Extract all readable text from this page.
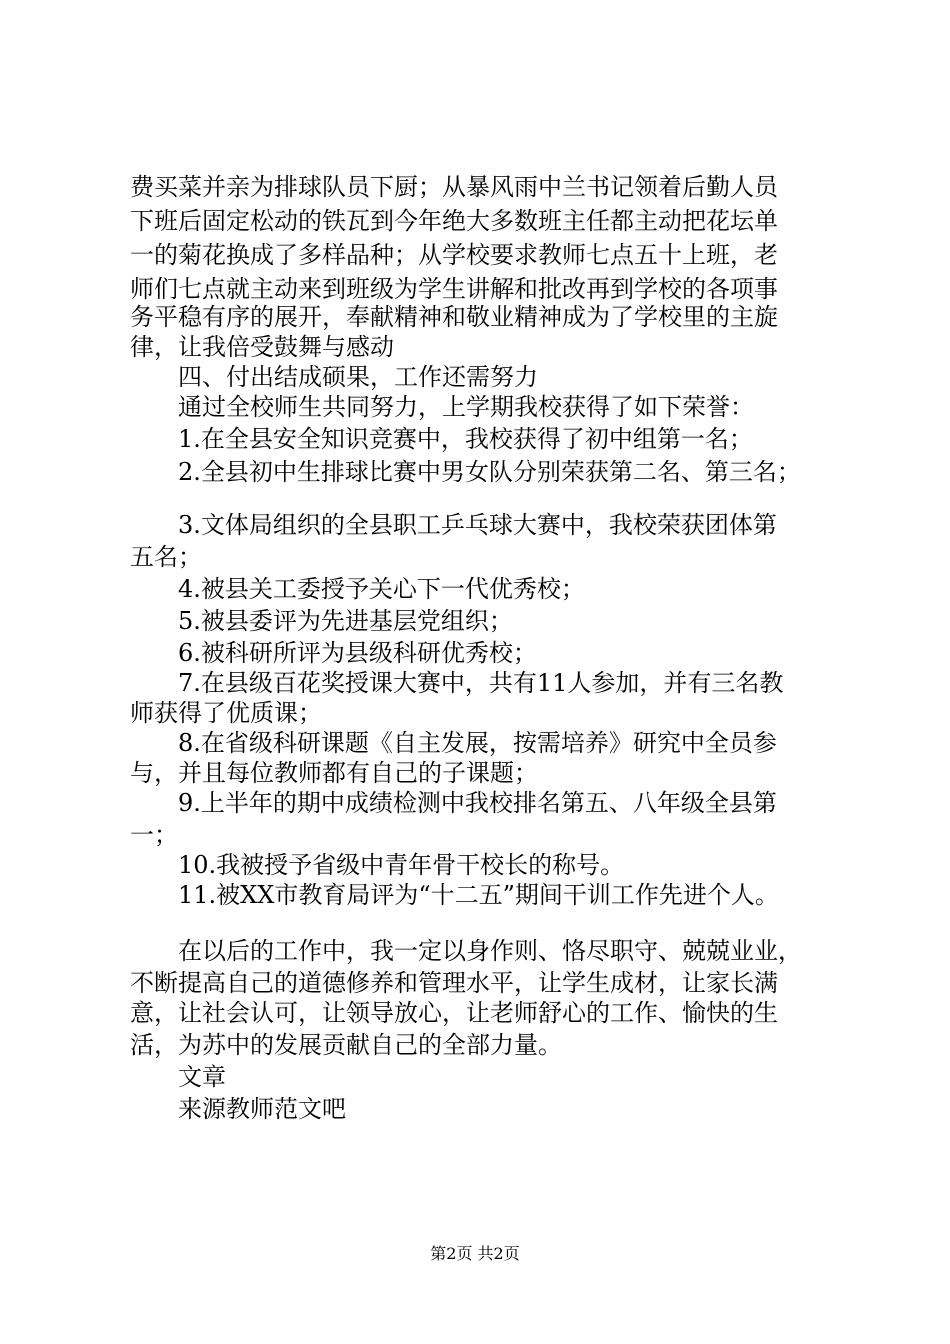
费买菜并亲为排球队员下厨；从暴风雨中兰书记领着后勤人员
下班后固定松动的铁瓦到今年绝大多数班主任都主动把花坛单
一的菊花换成了多样品种；从学校要求教师七点五十上班，老
师们七点就主动来到班级为学生讲解和批改再到学校的各项事
务平稳有序的展开，奉献精神和敬业精神成为了学校里的主旋
律，让我倍受鼓舞与感动
四、付出结成硕果，工作还需努力
通过全校师生共同努力，上学期我校获得了如下荣誉：
1.在全县安全知识竞赛中，我校获得了初中组第一名；
2.全县初中生排球比赛中男女队分别荣获第二名、第三名；
3.文体局组织的全县职工乒乓球大赛中，我校荣获团体第
五名；
4.被县关工委授予关心下一代优秀校；
5.被县委评为先进基层党组织；
6.被科研所评为县级科研优秀校；
7.在县级百花奖授课大赛中，共有11人参加，并有三名教
师获得了优质课；
8.在省级科研课题《自主发展，按需培养》研究中全员参
与，并且每位教师都有自己的子课题；
9.上半年的期中成绩检测中我校排名第五、八年级全县第
一；
10.我被授予省级中青年骨干校长的称号。
11.被XX市教育局评为“十二五”期间干训工作先进个人。
在以后的工作中，我一定以身作则、恪尽职守、兢兢业业，
不断提高自己的道德修养和管理水平，让学生成材，让家长满
意，让社会认可，让领导放心，让老师舒心的工作、愉快的生
活，为苏中的发展贡献自己的全部力量。
文章
来源教师范文吧
第2页 共2页
